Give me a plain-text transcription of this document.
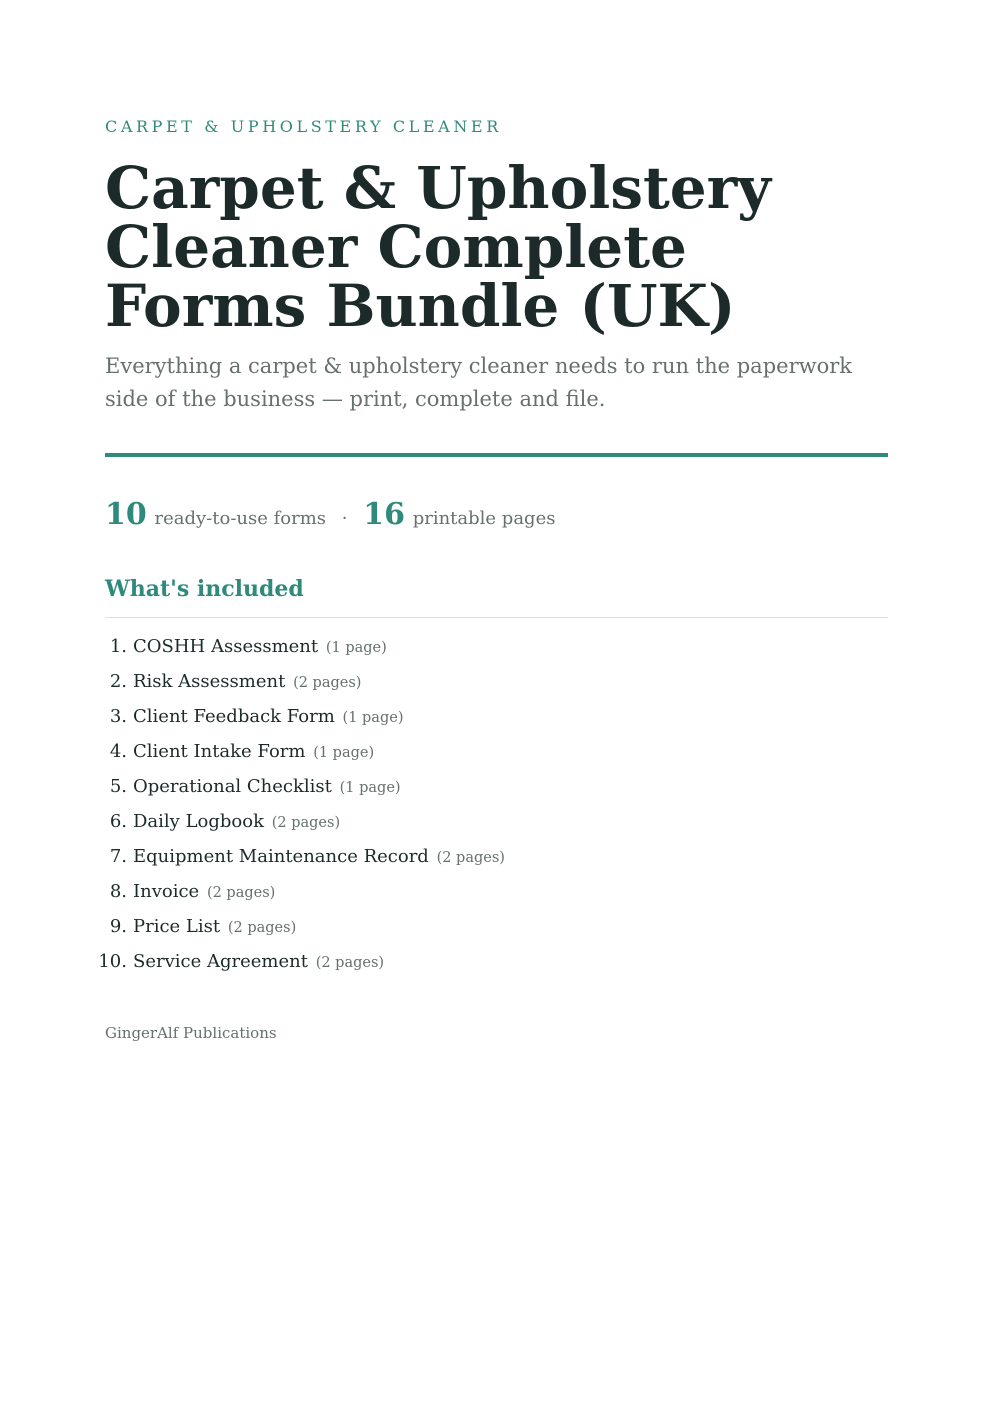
CARPET & UPHOLSTERY CLEANER
Carpet & Upholstery
Cleaner Complete
Forms Bundle (UK)

Everything a carpet & upholstery cleaner needs to run the paperwork side of the business — print, complete and file.

10 ready-to-use forms · 16 printable pages
What's included
1. COSHH Assessment (1 page)
2. Risk Assessment (2 pages)
3. Client Feedback Form (1 page)
4. Client Intake Form (1 page)
5. Operational Checklist (1 page)
6. Daily Logbook (2 pages)
7. Equipment Maintenance Record (2 pages)
8. Invoice (2 pages)
9. Price List (2 pages)
10. Service Agreement (2 pages)
GingerAlf Publications
